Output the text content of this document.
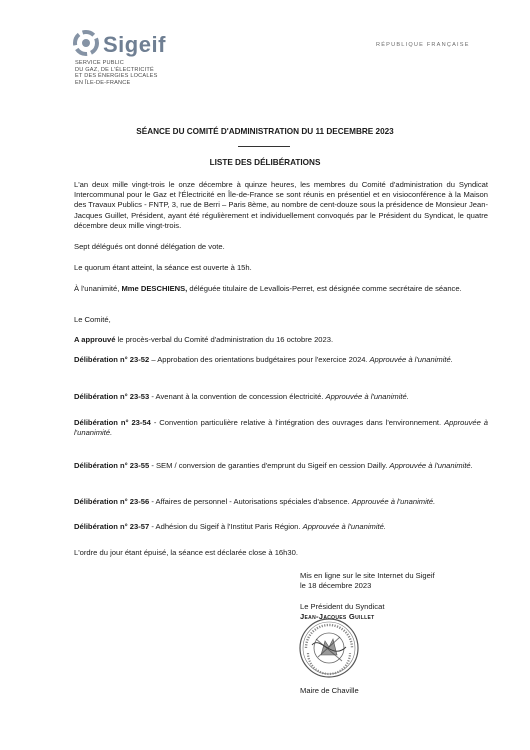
Sigeif
SERVICE PUBLIC
DU GAZ, DE L'ÉLECTRICITÉ
ET DES ÉNERGIES LOCALES
EN ÎLE-DE-FRANCE
RÉPUBLIQUE FRANÇAISE
SÉANCE DU COMITÉ D'ADMINISTRATION DU 11 DECEMBRE 2023
LISTE DES DÉLIBÉRATIONS
L'an deux mille vingt-trois le onze décembre à quinze heures, les membres du Comité d'administration du Syndicat Intercommunal pour le Gaz et l'Électricité en Île-de-France se sont réunis en présentiel et en visioconférence à la Maison des Travaux Publics - FNTP, 3, rue de Berri – Paris 8ème, au nombre de cent-douze sous la présidence de Monsieur Jean-Jacques Guillet, Président, ayant été régulièrement et individuellement convoqués par le Président du Syndicat, le quatre décembre deux mille vingt-trois.
Sept délégués ont donné délégation de vote.
Le quorum étant atteint, la séance est ouverte à 15h.
À l'unanimité, Mme DESCHIENS, déléguée titulaire de Levallois-Perret, est désignée comme secrétaire de séance.
Le Comité,
A approuvé le procès-verbal du Comité d'administration du 16 octobre 2023.
Délibération n° 23-52 – Approbation des orientations budgétaires pour l'exercice 2024. Approuvée à l'unanimité.
Délibération n° 23-53 - Avenant à la convention de concession électricité. Approuvée à l'unanimité.
Délibération n° 23-54 - Convention particulière relative à l'intégration des ouvrages dans l'environnement. Approuvée à l'unanimité.
Délibération n° 23-55 - SEM / conversion de garanties d'emprunt du Sigeif en cession Dailly. Approuvée à l'unanimité.
Délibération n° 23-56 - Affaires de personnel - Autorisations spéciales d'absence. Approuvée à l'unanimité.
Délibération n° 23-57 - Adhésion du Sigeif à l'Institut Paris Région. Approuvée à l'unanimité.
L'ordre du jour étant épuisé, la séance est déclarée close à 16h30.
Mis en ligne sur le site Internet du Sigeif
le 18 décembre 2023
Le Président du Syndicat
Jean-Jacques Guillet
Maire de Chaville
